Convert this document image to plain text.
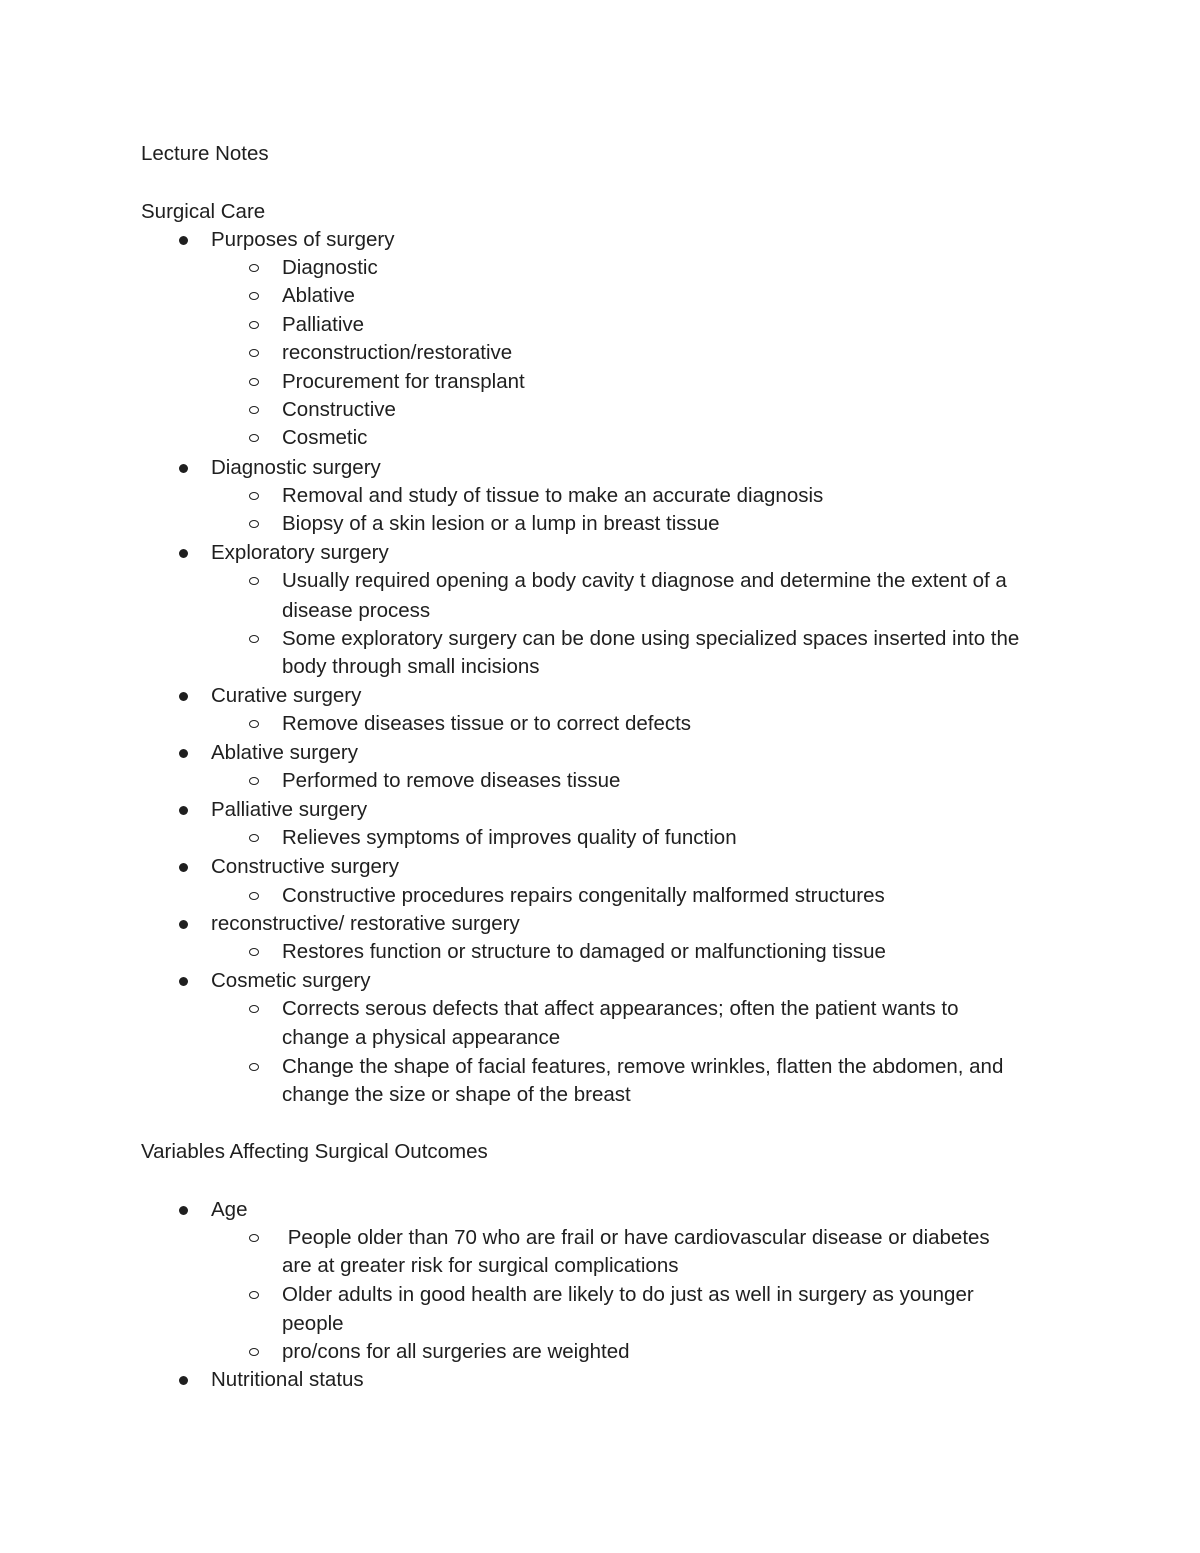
Lecture Notes
Surgical Care
Purposes of surgery
Diagnostic
Ablative
Palliative
reconstruction/restorative
Procurement for transplant
Constructive
Cosmetic
Diagnostic surgery
Removal and study of tissue to make an accurate diagnosis
Biopsy of a skin lesion or a lump in breast tissue
Exploratory surgery
Usually required opening a body cavity t diagnose and determine the extent of a
disease process
Some exploratory surgery can be done using specialized spaces inserted into the
body through small incisions
Curative surgery
Remove diseases tissue or to correct defects
Ablative surgery
Performed to remove diseases tissue
Palliative surgery
Relieves symptoms of improves quality of function
Constructive surgery
Constructive procedures repairs congenitally malformed structures
reconstructive/ restorative surgery
Restores function or structure to damaged or malfunctioning tissue
Cosmetic surgery
Corrects serous defects that affect appearances; often the patient wants to
change a physical appearance
Change the shape of facial features, remove wrinkles, flatten the abdomen, and
change the size or shape of the breast
Variables Affecting Surgical Outcomes
Age
People older than 70 who are frail or have cardiovascular disease or diabetes
are at greater risk for surgical complications
Older adults in good health are likely to do just as well in surgery as younger
people
pro/cons for all surgeries are weighted
Nutritional status
